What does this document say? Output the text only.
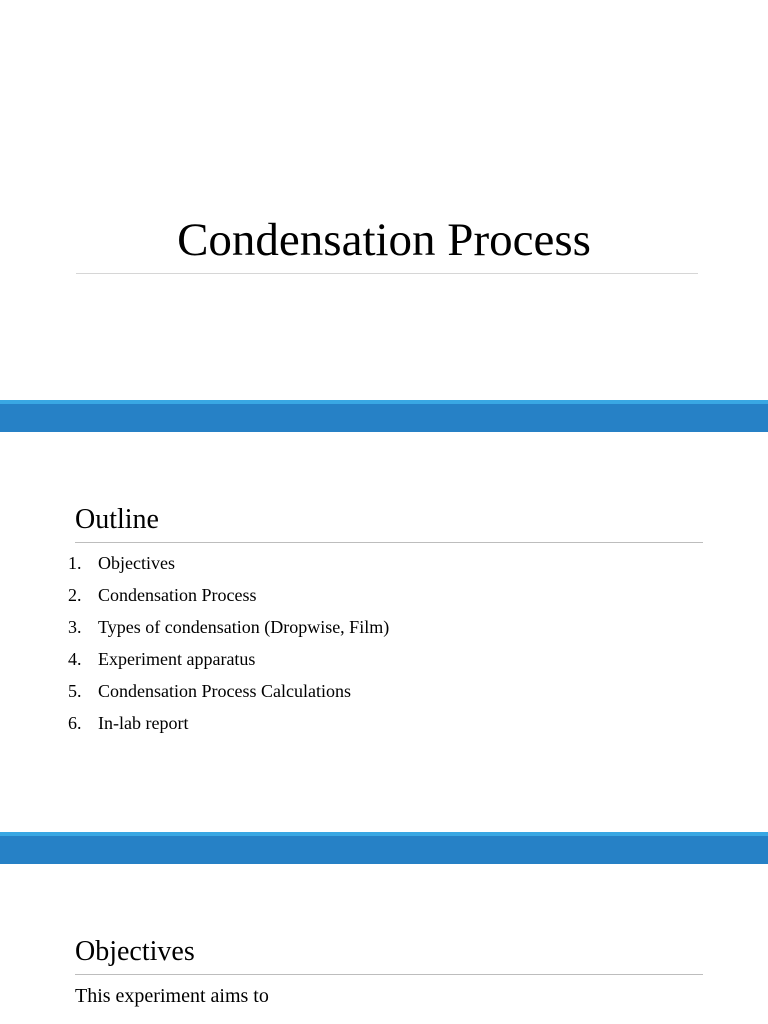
Condensation Process
Outline
1. Objectives
2. Condensation Process
3. Types of condensation (Dropwise, Film)
4. Experiment apparatus
5. Condensation Process Calculations
6. In-lab report
Objectives

This experiment aims to
